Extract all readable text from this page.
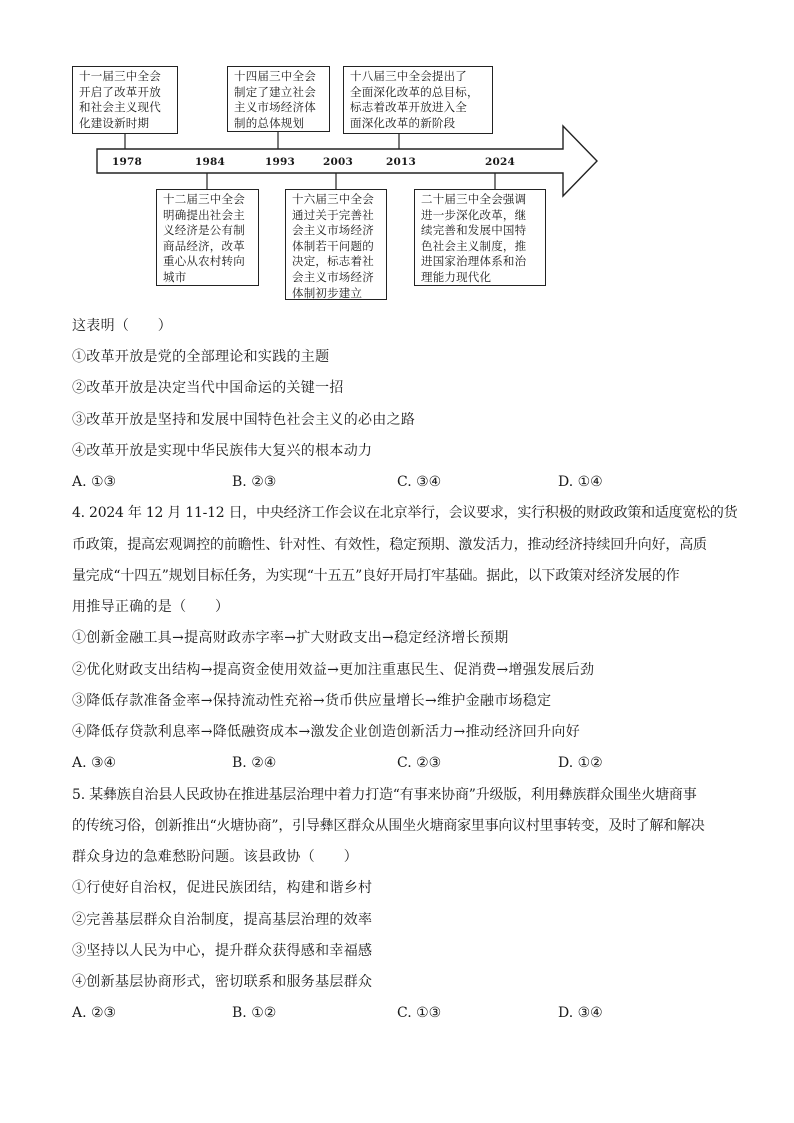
1978	1984	1993	2003	2013	2024
十一届三中全会
开启了改革开放
和社会主义现代
化建设新时期
十四届三中全会
制定了建立社会
主义市场经济体
制的总体规划
十八届三中全会提出了
全面深化改革的总目标，
标志着改革开放进入全
面深化改革的新阶段
十二届三中全会
明确提出社会主
义经济是公有制
商品经济，改革
重心从农村转向
城市
十六届三中全会
通过关于完善社
会主义市场经济
体制若干问题的
决定，标志着社
会主义市场经济
体制初步建立
二十届三中全会强调
进一步深化改革，继
续完善和发展中国特
色社会主义制度，推
进国家治理体系和治
理能力现代化
这表明（　　）
①改革开放是党的全部理论和实践的主题
②改革开放是决定当代中国命运的关键一招
③改革开放是坚持和发展中国特色社会主义的必由之路
④改革开放是实现中华民族伟大复兴的根本动力
A. ①③	B. ②③	C. ③④	D. ①④
4. 2024 年 12 月 11-12 日，中央经济工作会议在北京举行，会议要求，实行积极的财政政策和适度宽松的货
币政策，提高宏观调控的前瞻性、针对性、有效性，稳定预期、激发活力，推动经济持续回升向好，高质
量完成“十四五”规划目标任务，为实现“十五五”良好开局打牢基础。据此，以下政策对经济发展的作
用推导正确的是（　　）
①创新金融工具→提高财政赤字率→扩大财政支出→稳定经济增长预期
②优化财政支出结构→提高资金使用效益→更加注重惠民生、促消费→增强发展后劲
③降低存款准备金率→保持流动性充裕→货币供应量增长→维护金融市场稳定
④降低存贷款利息率→降低融资成本→激发企业创造创新活力→推动经济回升向好
A. ③④	B. ②④	C. ②③	D. ①②
5. 某彝族自治县人民政协在推进基层治理中着力打造“有事来协商”升级版，利用彝族群众围坐火塘商事
的传统习俗，创新推出“火塘协商”，引导彝区群众从围坐火塘商家里事向议村里事转变，及时了解和解决
群众身边的急难愁盼问题。该县政协（　　）
①行使好自治权，促进民族团结，构建和谐乡村
②完善基层群众自治制度，提高基层治理的效率
③坚持以人民为中心，提升群众获得感和幸福感
④创新基层协商形式，密切联系和服务基层群众
A. ②③	B. ①②	C. ①③	D. ③④
